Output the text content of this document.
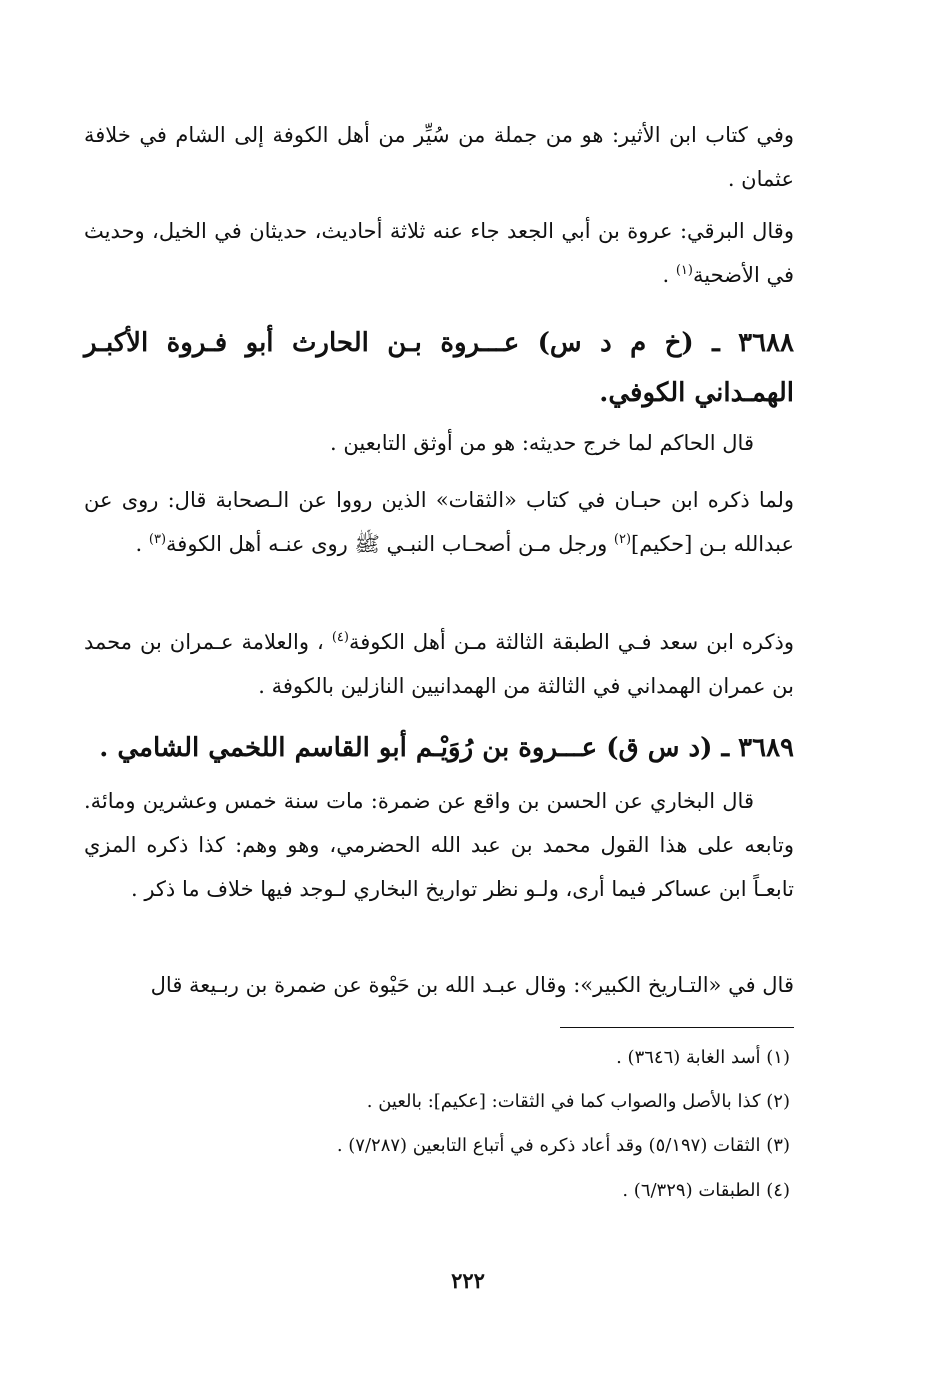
وفي كتاب ابن الأثير: هو من جملة من سُيِّر من أهل الكوفة إلى الشام في خلافة عثمان .

وقال البرقي: عروة بن أبي الجعد جاء عنه ثلاثة أحاديث، حديثان في الخيل، وحديث في الأضحية$^{(١)}$ .

٣٦٨٨ ـ (خ م د س) عـــروة بـن الحارث أبو فـروة الأكبـر الهمـداني الكوفي.

قال الحاكم لما خرج حديثه: هو من أوثق التابعين .

ولما ذكره ابن حبـان في كتاب «الثقات» الذين رووا عن الـصحابة قال: روى عن عبدالله بـن [حكيم]$^{(٢)}$ ورجل مـن أصحـاب النبـي ﷺ روى عنـه أهل الكوفة$^{(٣)}$ .

وذكره ابن سعد فـي الطبقة الثالثة مـن أهل الكوفة$^{(٤)}$ ، والعلامة عـمران بن محمد بن عمران الهمداني في الثالثة من الهمدانيين النازلين بالكوفة .

٣٦٨٩ ـ (د س ق) عـــروة بن رُوَيْـم أبو القاسم اللخمي الشامي .

قال البخاري عن الحسن بن واقع عن ضمرة: مات سنة خمس وعشرين ومائة. وتابعه على هذا القول محمد بن عبد الله الحضرمي، وهو وهم: كذا ذكره المزي تابعـاً ابن عساكر فيما أرى، ولـو نظر تواريخ البخاري لـوجد فيها خلاف ما ذكر .

قال في «التـاريخ الكبير»: وقال عبـد الله بن حَيْوة عن ضمرة بن ربـيعة قال

(١) أسد الغابة (٣٦٤٦) .
(٢) كذا بالأصل والصواب كما في الثقات: [عكيم]: بالعين .
(٣) الثقات (٥/١٩٧) وقد أعاد ذكره في أتباع التابعين (٧/٢٨٧) .
(٤) الطبقات (٦/٣٢٩) .
٢٢٢
